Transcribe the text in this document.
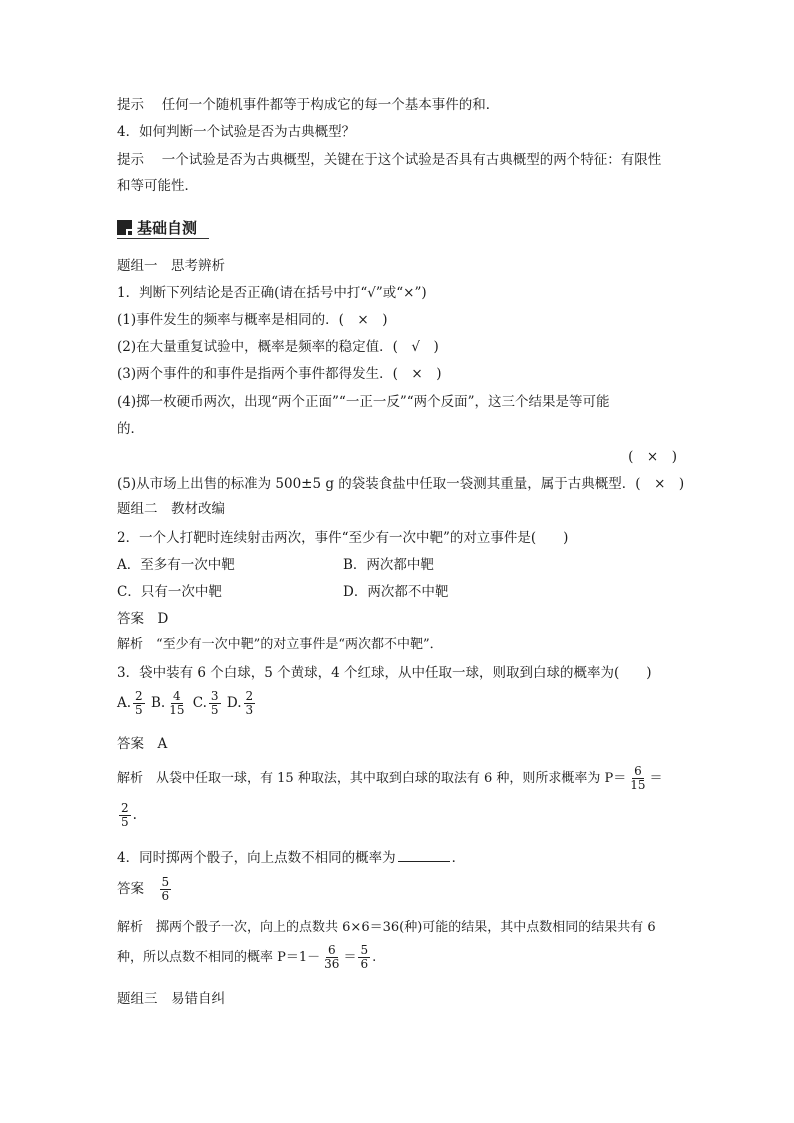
提示　 任何一个随机事件都等于构成它的每一个基本事件的和．
4．如何判断一个试验是否为古典概型？
提示　 一个试验是否为古典概型，关键在于这个试验是否具有古典概型的两个特征：有限性
和等可能性．
基础自测
题组一　思考辨析
1．判断下列结论是否正确(请在括号中打“√”或“×”)
(1)事件发生的频率与概率是相同的．(　×　)
(2)在大量重复试验中，概率是频率的稳定值．(　√　)
(3)两个事件的和事件是指两个事件都得发生．(　×　)
(4)掷一枚硬币两次，出现“两个正面”“一正一反”“两个反面”，这三个结果是等可能
的．
(　×　)
(5)从市场上出售的标准为 500±5 g 的袋装食盐中任取一袋测其重量，属于古典概型．(　×　)
题组二　教材改编
2．一个人打靶时连续射击两次，事件“至少有一次中靶”的对立事件是(　　)
A．至多有一次中靶	B．两次都中靶
C．只有一次中靶	D．两次都不中靶
答案　 D
解析　 “至少有一次中靶”的对立事件是“两次都不中靶”．
3．袋中装有 6 个白球，5 个黄球，4 个红球，从中任取一球，则取到白球的概率为(　　)
A. $\frac{2}{5} B$. $\frac{4}{15} C$. $\frac{3}{5} D$. $\frac{2}{3}$
答案　 A
解析　 从袋中任取一球，有 15 种取法，其中取到白球的取法有 6 种，则所求概率为 $P= \frac{6}{15}$ ＝
$\frac{2}{5}$ .
4．同时掷两个骰子，向上点数不相同的概率为	．
答案　 $\frac{5}{6}$
解析　 掷两个骰子一次，向上的点数共 6×6＝36(种)可能的结果，其中点数相同的结果共有 6
种，所以点数不相同的概率 $P=1- \frac{6}{36} = \frac{5}{6}$ .
题组三　易错自纠
